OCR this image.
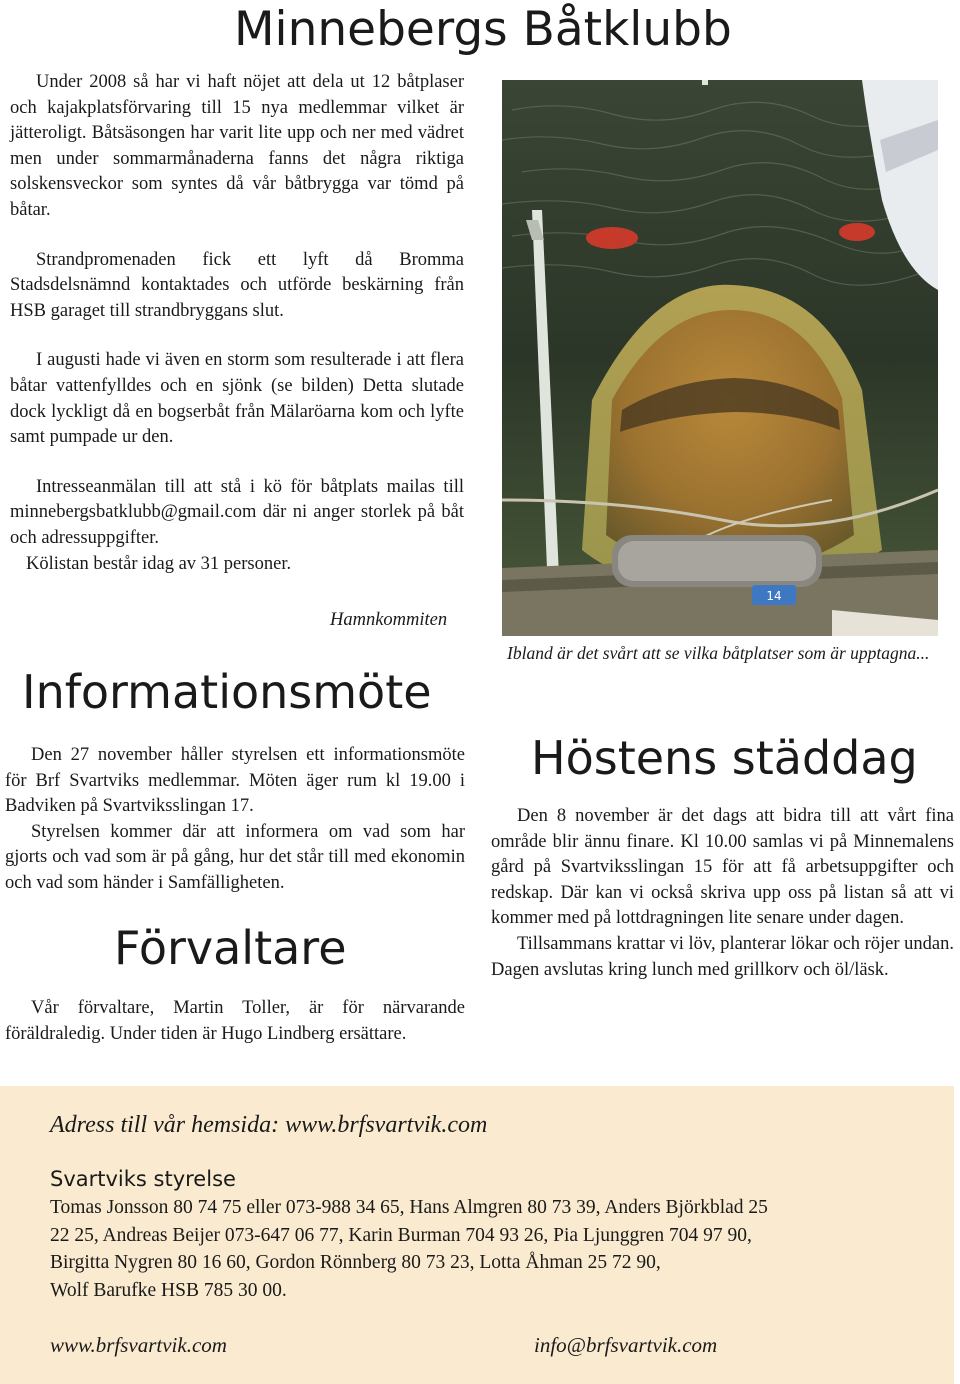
Minnebergs Båtklubb

Under 2008 så har vi haft nöjet att dela ut 12 båtplaser och kajakplatsförvaring till 15 nya medlemmar vilket är jätteroligt. Båtsäsongen har varit lite upp och ner med vädret men under sommarmånaderna fanns det några riktiga solskensveckor som syntes då vår båtbrygga var tömd på båtar.

Strandpromenaden fick ett lyft då Bromma Stadsdelsnämnd kontaktades och utförde beskärning från HSB garaget till strandbryggans slut.

I augusti hade vi även en storm som resulterade i att flera båtar vattenfylldes och en sjönk (se bilden) Detta slutade dock lyckligt då en bogserbåt från Mälaröarna kom och lyfte samt pumpade ur den.

Intresseanmälan till att stå i kö för båtplats mailas till minnebergsbatklubb@gmail.com där ni anger storlek på båt och adressuppgifter.

Kölistan består idag av 31 personer.

Hamnkommiten
14
Ibland är det svårt att se vilka båtplatser som är upptagna...
Informationsmöte

Den 27 november håller styrelsen ett informationsmöte för Brf Svartviks medlemmar. Möten äger rum kl 19.00 i Badviken på Svartviksslingan 17.

Styrelsen kommer där att informera om vad som har gjorts och vad som är på gång, hur det står till med ekonomin och vad som händer i Samfälligheten.

Förvaltare

Vår förvaltare, Martin Toller, är för närvarande föräldraledig. Under tiden är Hugo Lindberg ersättare.

Höstens städdag

Den 8 november är det dags att bidra till att vårt fina område blir ännu finare. Kl 10.00 samlas vi på Minnemalens gård på Svartviksslingan 15 för att få arbetsuppgifter och redskap. Där kan vi också skriva upp oss på listan så att vi kommer med på lottdragningen lite senare under dagen.

Tillsammans krattar vi löv, planterar lökar och röjer undan. Dagen avslutas kring lunch med grillkorv och öl/läsk.

Adress till vår hemsida: www.brfsvartvik.com
Svartviks styrelse
Tomas Jonsson 80 74 75 eller 073-988 34 65, Hans Almgren 80 73 39, Anders Björkblad 25
22 25, Andreas Beijer 073-647 06 77, Karin Burman 704 93 26, Pia Ljunggren 704 97 90,
Birgitta Nygren 80 16 60, Gordon Rönnberg 80 73 23, Lotta Åhman 25 72 90,
Wolf Barufke HSB 785 30 00.
www.brfsvartvik.com	info@brfsvartvik.com
